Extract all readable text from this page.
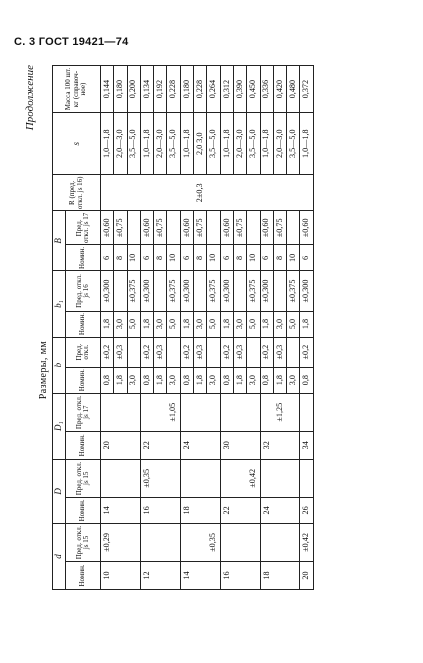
С. 3 ГОСТ 19421—74
Продолжение
Размеры, мм
d		D		D₁		b		b₁		B		R (пред. откл. js 16)	s	Масса 100 шт. кг (справоч- ное)
Номин.	Пред. откл. js 15	Номин.	Пред. откл. js 15	Номин.	Пред. откл. js 17	Номин.	Пред. откл.	Номин.	Пред. откл. js 16	Номин.	Пред. откл. js 17			
10	±0,29	14		20		0,8	±0,2	1,8	±0,300	6	±0,60		1,0—1,8	0,144
						1,8	±0,3	3,0		8	±0,75		2,0—3,0	0,180
						3,0		5,0	±0,375	10			3,5—5,0	0,200
12		16	±0,35	22		0,8	±0,2	1,8	±0,300	6	±0,60		1,0—1,8	0,134
						1,8	±0,3	3,0		8	±0,75		2,0—3,0	0,192
					±1,05	3,0		5,0	±0,375	10			3,5—5,0	0,228
14		18		24		0,8	±0,2	1,8	±0,300	6	±0,60		1,0—1,8	0,180
						1,8	±0,3	3,0		8	±0,75	2±0,3	2,0 3,0	0,228
	±0,35					3,0		5,0	±0,375	10			3,5—5,0	0,264
16		22		30		0,8	±0,2	1,8	±0,300	6	±0,60		1,0—1,8	0,312
						1,8	±0,3	3,0		8	±0,75		2,0—3,0	0,390
			±0,42			3,0		5,0	±0,375	10			3,5—5,0	0,450
18		24		32		0,8	±0,2	1,8	±0,300	6	±0,60		1,0—1,8	0,336
					±1,25	1,8	±0,3	3,0		8	±0,75		2,0—3,0	0,420
						3,0		5,0	±0,375	10			3,5—5,0	0,480
20	±0,42	26		34		0,8	±0,2	1,8	±0,300	6	±0,60		1,0—1,8	0,372
